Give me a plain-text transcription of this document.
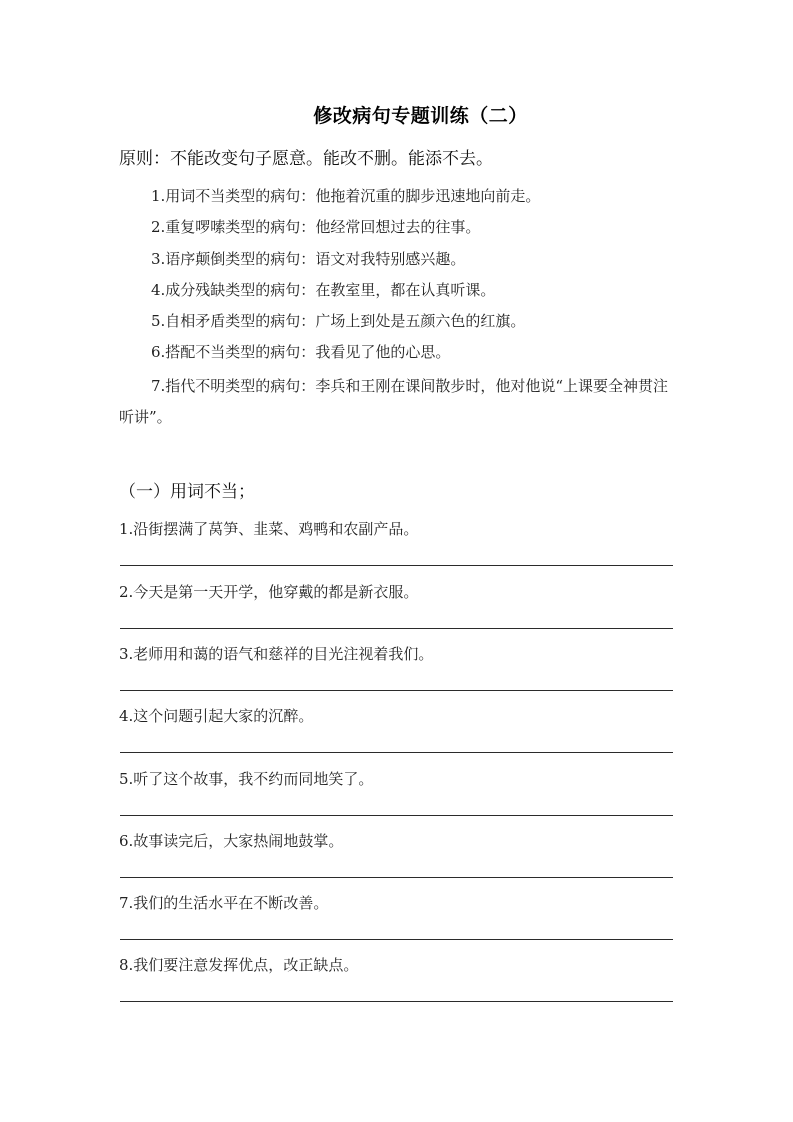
修改病句专题训练（二）
原则：不能改变句子愿意。能改不删。能添不去。
1.用词不当类型的病句：他拖着沉重的脚步迅速地向前走。
2.重复啰嗦类型的病句：他经常回想过去的往事。
3.语序颠倒类型的病句：语文对我特别感兴趣。
4.成分残缺类型的病句：在教室里，都在认真听课。
5.自相矛盾类型的病句：广场上到处是五颜六色的红旗。
6.搭配不当类型的病句：我看见了他的心思。
7.指代不明类型的病句：李兵和王刚在课间散步时，他对他说“上课要全神贯注听讲”。
（一）用词不当；
1.沿街摆满了莴笋、韭菜、鸡鸭和农副产品。
2.今天是第一天开学，他穿戴的都是新衣服。
3.老师用和蔼的语气和慈祥的目光注视着我们。
4.这个问题引起大家的沉醉。
5.听了这个故事，我不约而同地笑了。
6.故事读完后，大家热闹地鼓掌。
7.我们的生活水平在不断改善。
8.我们要注意发挥优点，改正缺点。
